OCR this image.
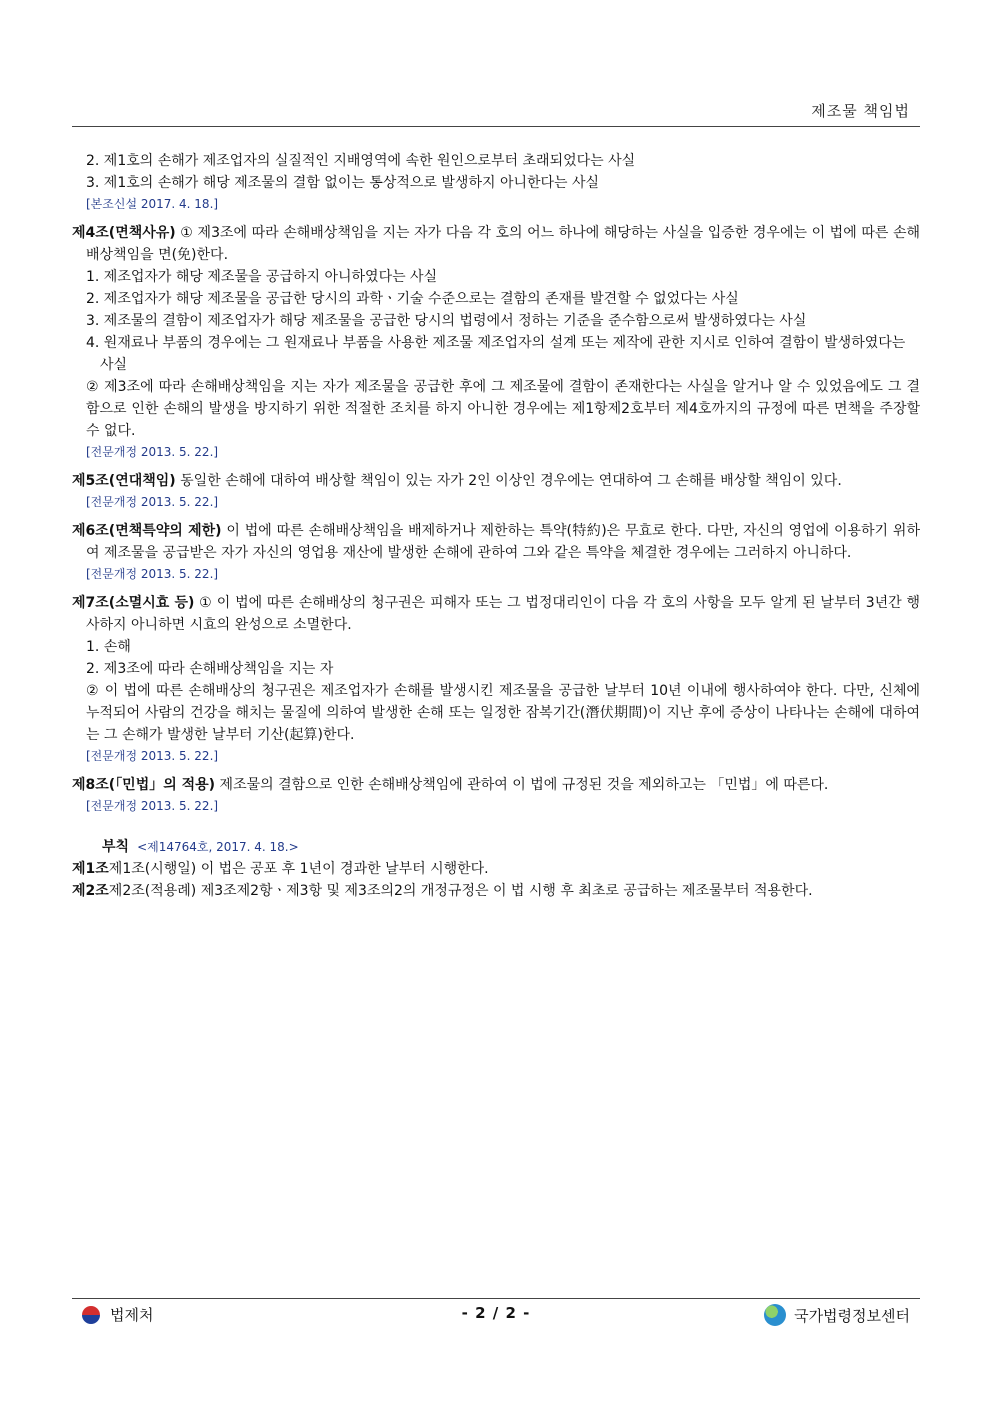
제조물 책임법

2. 제1호의 손해가 제조업자의 실질적인 지배영역에 속한 원인으로부터 초래되었다는 사실

3. 제1호의 손해가 해당 제조물의 결함 없이는 통상적으로 발생하지 아니한다는 사실

[본조신설 2017. 4. 18.]

제4조(면책사유) ① 제3조에 따라 손해배상책임을 지는 자가 다음 각 호의 어느 하나에 해당하는 사실을 입증한 경우에는 이 법에 따른 손해배상책임을 면(免)한다.

1. 제조업자가 해당 제조물을 공급하지 아니하였다는 사실

2. 제조업자가 해당 제조물을 공급한 당시의 과학ㆍ기술 수준으로는 결함의 존재를 발견할 수 없었다는 사실

3. 제조물의 결함이 제조업자가 해당 제조물을 공급한 당시의 법령에서 정하는 기준을 준수함으로써 발생하였다는 사실

4. 원재료나 부품의 경우에는 그 원재료나 부품을 사용한 제조물 제조업자의 설계 또는 제작에 관한 지시로 인하여 결함이 발생하였다는 사실

② 제3조에 따라 손해배상책임을 지는 자가 제조물을 공급한 후에 그 제조물에 결함이 존재한다는 사실을 알거나 알 수 있었음에도 그 결함으로 인한 손해의 발생을 방지하기 위한 적절한 조치를 하지 아니한 경우에는 제1항제2호부터 제4호까지의 규정에 따른 면책을 주장할 수 없다.

[전문개정 2013. 5. 22.]

제5조(연대책임) 동일한 손해에 대하여 배상할 책임이 있는 자가 2인 이상인 경우에는 연대하여 그 손해를 배상할 책임이 있다.

[전문개정 2013. 5. 22.]

제6조(면책특약의 제한) 이 법에 따른 손해배상책임을 배제하거나 제한하는 특약(特約)은 무효로 한다. 다만, 자신의 영업에 이용하기 위하여 제조물을 공급받은 자가 자신의 영업용 재산에 발생한 손해에 관하여 그와 같은 특약을 체결한 경우에는 그러하지 아니하다.

[전문개정 2013. 5. 22.]

제7조(소멸시효 등) ① 이 법에 따른 손해배상의 청구권은 피해자 또는 그 법정대리인이 다음 각 호의 사항을 모두 알게 된 날부터 3년간 행사하지 아니하면 시효의 완성으로 소멸한다.

1. 손해

2. 제3조에 따라 손해배상책임을 지는 자

② 이 법에 따른 손해배상의 청구권은 제조업자가 손해를 발생시킨 제조물을 공급한 날부터 10년 이내에 행사하여야 한다. 다만, 신체에 누적되어 사람의 건강을 해치는 물질에 의하여 발생한 손해 또는 일정한 잠복기간(潛伏期間)이 지난 후에 증상이 나타나는 손해에 대하여는 그 손해가 발생한 날부터 기산(起算)한다.

[전문개정 2013. 5. 22.]

제8조(「민법」의 적용) 제조물의 결함으로 인한 손해배상책임에 관하여 이 법에 규정된 것을 제외하고는 「민법」에 따른다.

[전문개정 2013. 5. 22.]

부칙 <제14764호, 2017. 4. 18.>

제1조제1조(시행일) 이 법은 공포 후 1년이 경과한 날부터 시행한다.

제2조제2조(적용례) 제3조제2항ㆍ제3항 및 제3조의2의 개정규정은 이 법 시행 후 최초로 공급하는 제조물부터 적용한다.

법제처	- 2 / 2 -	국가법령정보센터
